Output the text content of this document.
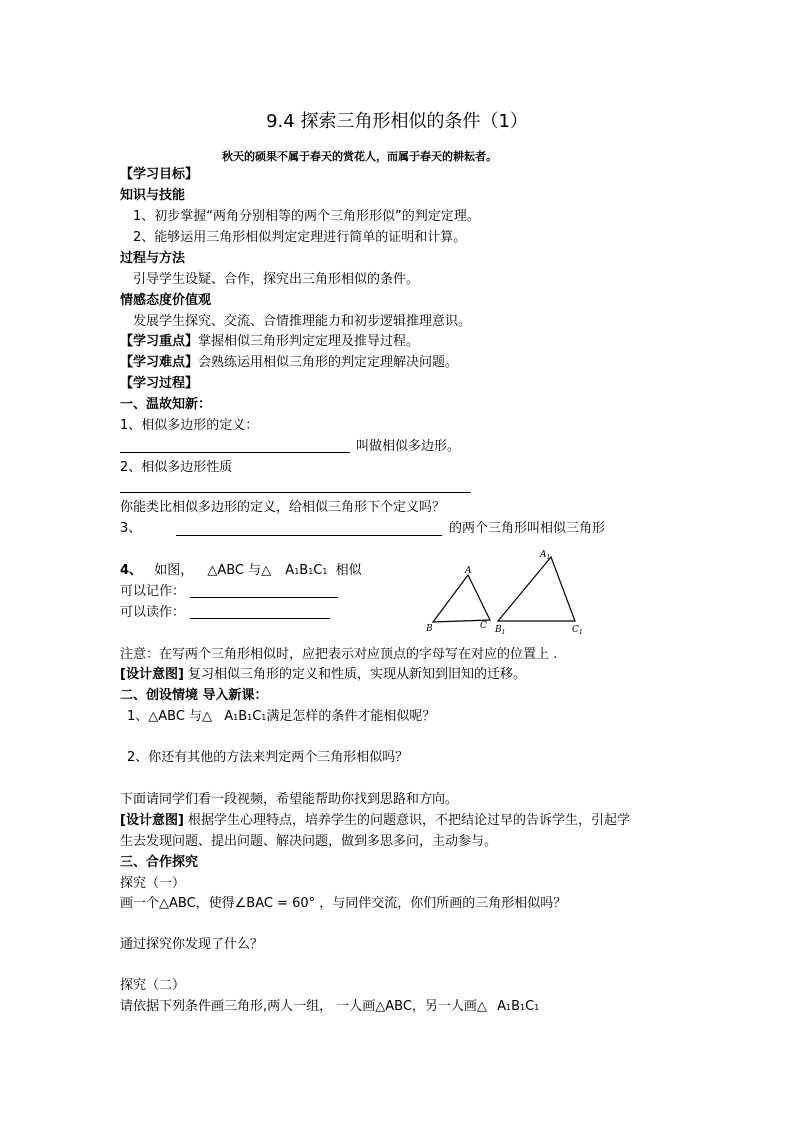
9.4 探索三角形相似的条件（1）
秋天的硕果不属于春天的赏花人，而属于春天的耕耘者。
【学习目标】
知识与技能
1、初步掌握“两角分别相等的两个三角形形似”的判定定理。
2、能够运用三角形相似判定定理进行简单的证明和计算。
过程与方法
引导学生设疑、合作，探究出三角形相似的条件。
情感态度价值观
发展学生探究、交流、合情推理能力和初步逻辑推理意识。
【学习重点】掌握相似三角形判定定理及推导过程。
【学习难点】会熟练运用相似三角形的判定定理解决问题。
【学习过程】
一、温故知新：
1、相似多边形的定义：
叫做相似多边形。
2、相似多边形性质
你能类比相似多边形的定义，给相似三角形下个定义吗？
3、	的两个三角形叫相似三角形
4、 如图， △ABC 与△ A1B1C1 相似
可以记作：
可以读作：
A
B	C
$A_1$
$B_1$	$C_1$
注意：在写两个三角形相似时，应把表示对应顶点的字母写在对应的位置上 .
[设计意图] 复习相似三角形的定义和性质，实现从新知到旧知的迁移。
二、创设情境 导入新课：
1、△ABC 与△ A1B1C1满足怎样的条件才能相似呢？
2、你还有其他的方法来判定两个三角形相似吗？
下面请同学们看一段视频，希望能帮助你找到思路和方向。
[设计意图] 根据学生心理特点，培养学生的问题意识，不把结论过早的告诉学生，引起学
生去发现问题、提出问题、解决问题，做到多思多问，主动参与。
三、合作探究
探究（一）
画一个△ABC，使得∠BAC = 60° ，与同伴交流，你们所画的三角形相似吗？
通过探究你发现了什么？
探究（二）
请依据下列条件画三角形,两人一组， 一人画△ABC，另一人画△ A1B1C1
